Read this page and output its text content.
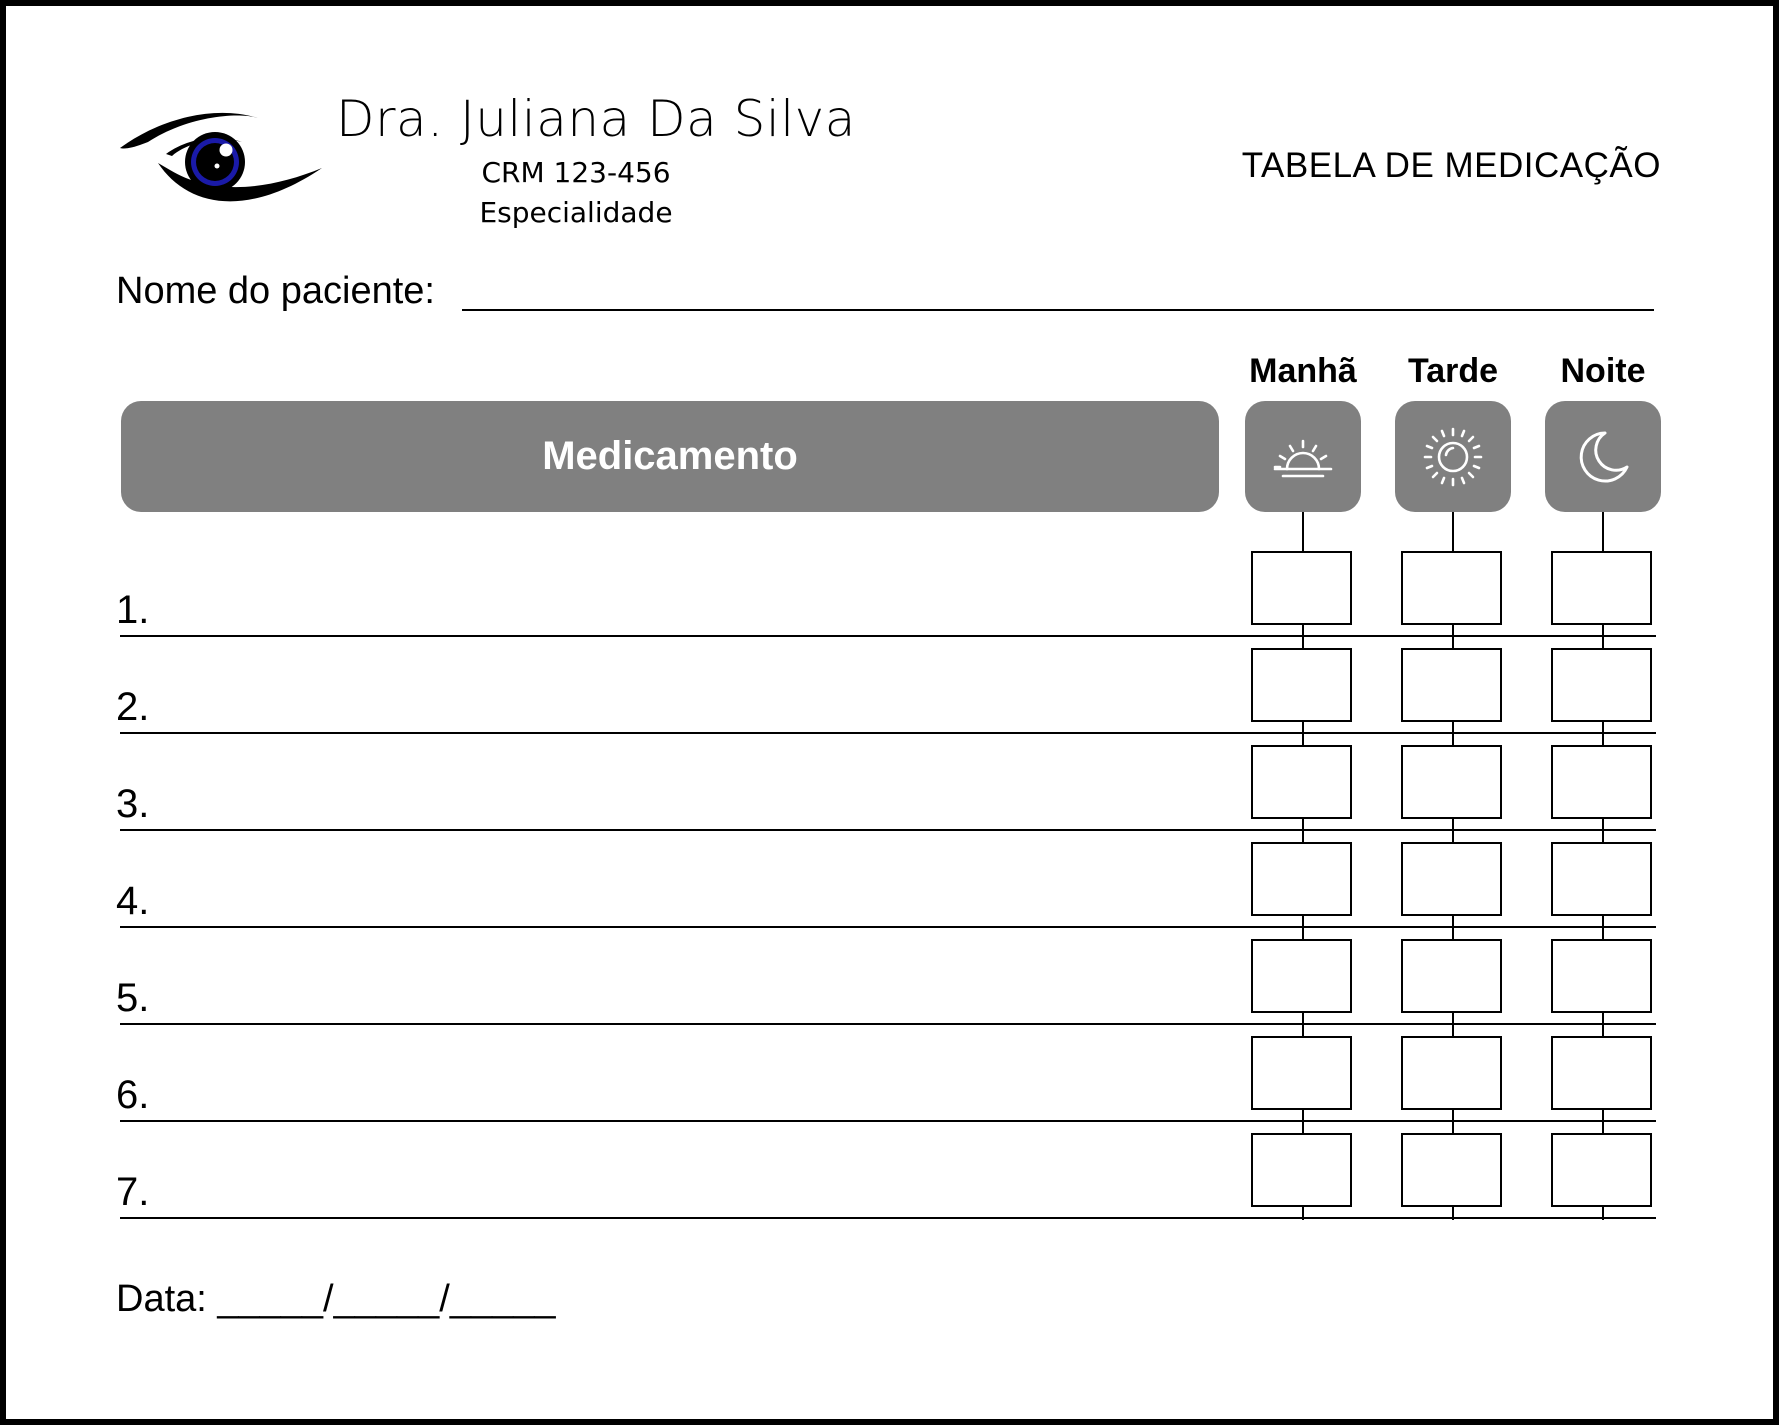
Dra. Juliana Da Silva
CRM 123-456
Especialidade
TABELA DE MEDICAÇÃO
Nome do paciente:
Manhã	Tarde	Noite
Medicamento
1.
2.
3.
4.
5.
6.
7.
Data: _____/_____/_____
